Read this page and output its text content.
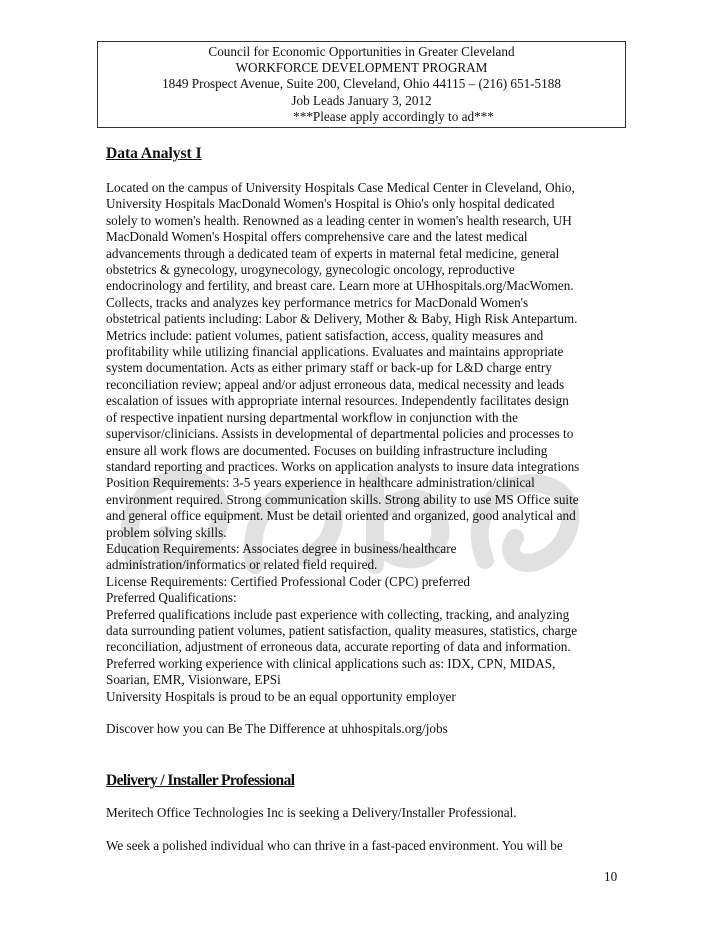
Council for Economic Opportunities in Greater Cleveland
WORKFORCE DEVELOPMENT PROGRAM
1849 Prospect Avenue, Suite 200, Cleveland, Ohio 44115 – (216) 651-5188
Job Leads January 3, 2012
***Please apply accordingly to ad***
Data Analyst I
Located on the campus of University Hospitals Case Medical Center in Cleveland, Ohio,
University Hospitals MacDonald Women's Hospital is Ohio's only hospital dedicated
solely to women's health. Renowned as a leading center in women's health research, UH
MacDonald Women's Hospital offers comprehensive care and the latest medical
advancements through a dedicated team of experts in maternal fetal medicine, general
obstetrics & gynecology, urogynecology, gynecologic oncology, reproductive
endocrinology and fertility, and breast care. Learn more at UHhospitals.org/MacWomen.
Collects, tracks and analyzes key performance metrics for MacDonald Women's
obstetrical patients including: Labor & Delivery, Mother & Baby, High Risk Antepartum.
Metrics include: patient volumes, patient satisfaction, access, quality measures and
profitability while utilizing financial applications. Evaluates and maintains appropriate
system documentation. Acts as either primary staff or back-up for L&D charge entry
reconciliation review; appeal and/or adjust erroneous data, medical necessity and leads
escalation of issues with appropriate internal resources. Independently facilitates design
of respective inpatient nursing departmental workflow in conjunction with the
supervisor/clinicians. Assists in developmental of departmental policies and processes to
ensure all work flows are documented. Focuses on building infrastructure including
standard reporting and practices. Works on application analysts to insure data integrations
Position Requirements: 3-5 years experience in healthcare administration/clinical
environment required. Strong communication skills. Strong ability to use MS Office suite
and general office equipment. Must be detail oriented and organized, good analytical and
problem solving skills.
Education Requirements: Associates degree in business/healthcare
administration/informatics or related field required.
License Requirements: Certified Professional Coder (CPC) preferred
Preferred Qualifications:
Preferred qualifications include past experience with collecting, tracking, and analyzing
data surrounding patient volumes, patient satisfaction, quality measures, statistics, charge
reconciliation, adjustment of erroneous data, accurate reporting of data and information.
Preferred working experience with clinical applications such as: IDX, CPN, MIDAS,
Soarian, EMR, Visionware, EPSi
University Hospitals is proud to be an equal opportunity employer
Discover how you can Be The Difference at uhhospitals.org/jobs
Delivery / Installer Professional
Meritech Office Technologies Inc is seeking a Delivery/Installer Professional.
We seek a polished individual who can thrive in a fast-paced environment. You will be
10
